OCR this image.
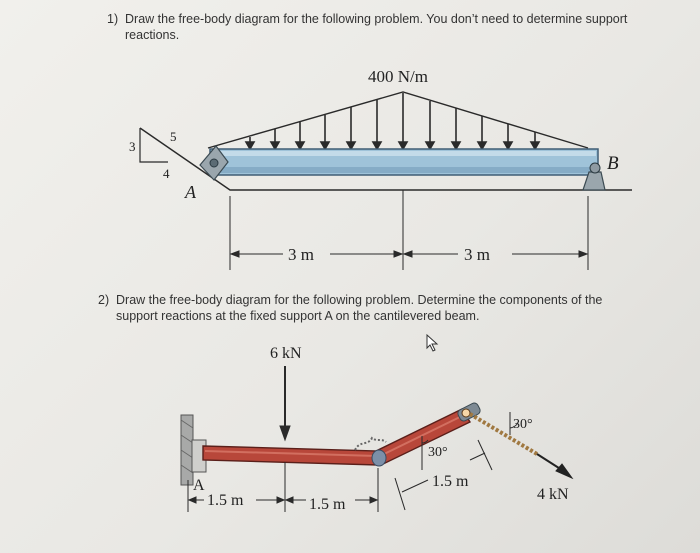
1) Draw the free-body diagram for the following problem. You don’t need to determine support
reactions.
400 N/m
3
4
5
A
B
3 m	3 m
2) Draw the free-body diagram for the following problem. Determine the components of the
support reactions at the fixed support A on the cantilevered beam.
6 kN
A
4 kN
30°
30°
1.5 m
1.5 m	1.5 m
